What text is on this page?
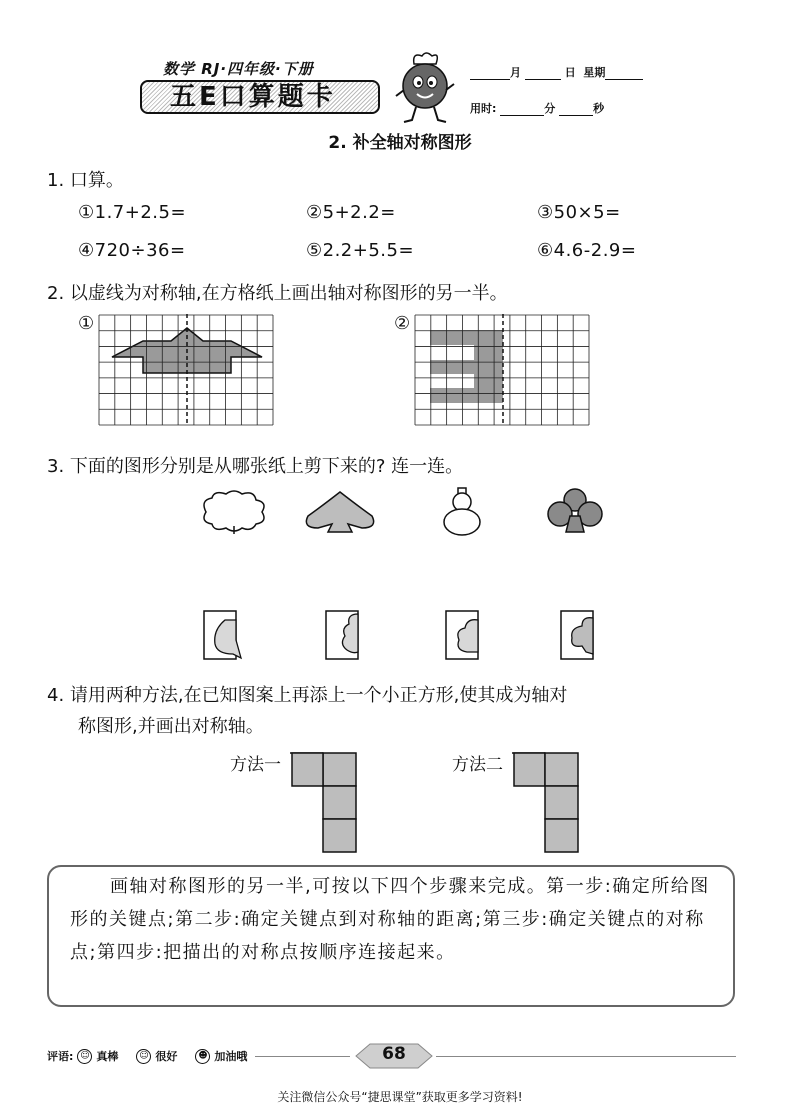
数学 RJ·四年级·下册
五E口算题卡
月	日 星期
用时:	分	秒
2. 补全轴对称图形
1. 口算。
①1.7+2.5=	②5+2.2=	③50×5=
④720÷36=	⑤2.2+5.5=	⑥4.6-2.9=
2. 以虚线为对称轴,在方格纸上画出轴对称图形的另一半。
①	②
3. 下面的图形分别是从哪张纸上剪下来的? 连一连。
4. 请用两种方法,在已知图案上再添上一个小正方形,使其成为轴对
称图形,并画出对称轴。
方法一	方法二
画轴对称图形的另一半,可按以下四个步骤来完成。第一步:确定所给图形的关键点;第二步:确定关键点到对称轴的距离;第三步:确定关键点的对称点;第四步:把描出的对称点按顺序连接起来。
评语: ☺ 真棒	☺ 很好	☻ 加油哦	68
关注微信公众号“捷思课堂”获取更多学习资料!
